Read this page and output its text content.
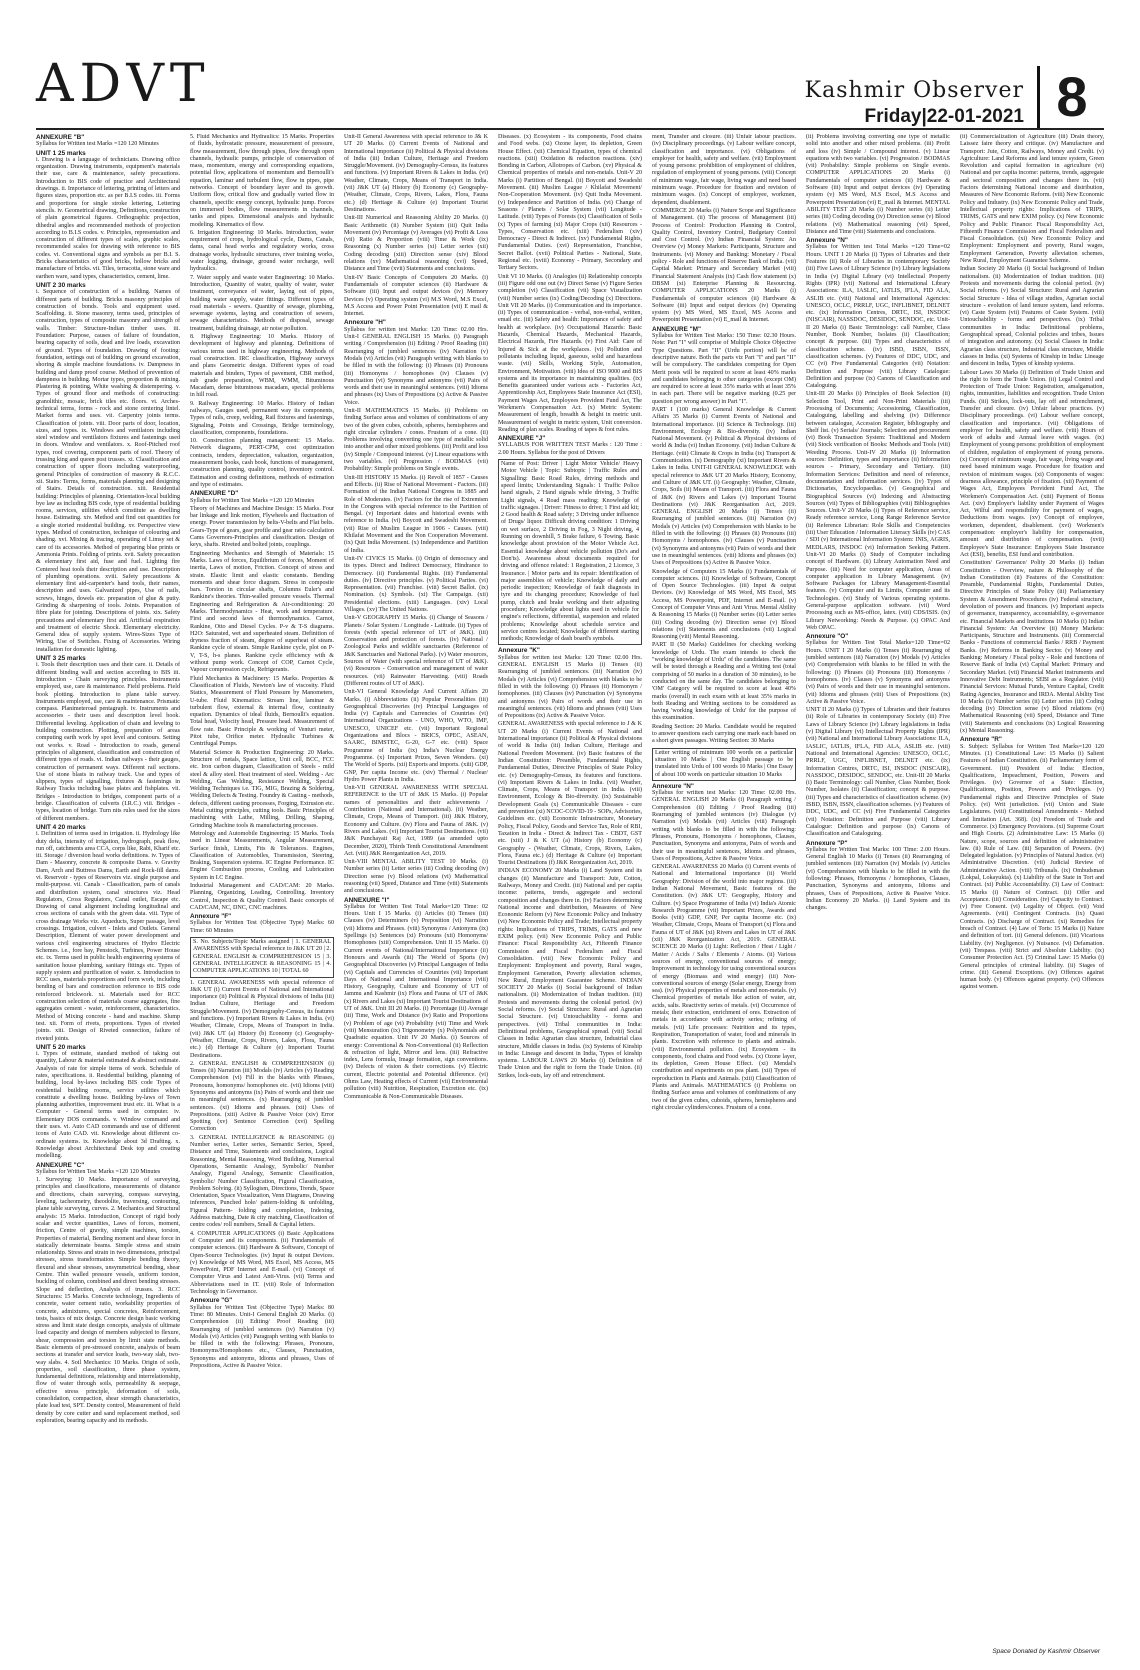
ADVT	Kashmir Observer
Friday|22-01-2021 8
ANNEXURE "B"

Syllabus for Written test Marks =120 120 Minutes

UNIT 1 25 marks

i. Drawing is a language of technicians. Drawing office organization. Drawing instruments, equipment's materials their use, care & maintenance, safety precautions. Introduction to BIS code of practice and Architectural drawings. ii. Importance of lettering, printing of letters and figures sizes, proportion etc. as per B.I.S codes. iii. Forms and proportions for single stroke lettering, Lettering stencils. iv. Geometrical drawing, Definitions, construction of plain geometrical figures. Orthographic projection, dihedral angles and recommended methods of projection according to B.I.S codes. v. Principles, representation and construction of different types of scales, graphic scales, recommended scales for drawing with reference to BIS codes. vi. Conventional signs and symbols as per B.I. S. Bricks characteristics of good bricks, hollow bricks and manufacture of bricks. vii. Tiles, terracotta, stone ware and earthen ware, sand types, characteristics, cement, lime.

UNIT 2 30 marks

i. Sequence of construction of a building. Names of different parts of building. Bricks masonry principles of construction of bonds. Tools and equipment used. Scaffolding. ii. Stone masonry, terms used, principles of construction, types of composite masonry and strength of walls. Timber: Structure-Indian timber uses. iii. Foundation: Purpose, causes of failure of foundation, bearing capacity of soils, dead and live loads, excavation of ground. Types of foundation. Drawing of footing: foundation, settings out of building on ground excavation, shoring & simple machine foundations. iv. Dampness in building and damp proof course. Method of prevention of dampness in building. Mortar types, proportion & mixing. Plastering & pointing, White washing & distempering. v. Types of ground floor and methods of constructing: granolithic, mosaic, brick tiles etc. floors. vi. Arches-technical terms, forms - rock and stone centering lintel. Market forms and uses. vii. Carpentry joints terms. Classification of joints. viii. Door parts of door, location, sizes, and types. ix. Windows and ventilators including steel window and ventilators fixtures and fastenings used in doors. Window and ventilators. x. Roof-Pitched roof types, roof covering, component parts of roof. Theory of trussing king and queen post trusses. xi. Classification and construction of upper floors including waterproofing, general Principles of construction of masonry & R.C.C. xii. Stairs: Terms, forms, materials planning and designing of Stairs. Details of construction. xiii. Residential building: Principles of planning. Orientation-local building bye law as including BIS code, type of residential building rooms, services, utilities which constitute as dwelling house. Estimating. xiv. Method and find out quantities for a single storied residential building. xv. Perspective view types. Method of construction, technique of colouring and shading. xvi. Mixing & tracing, operating of Limsy set & care of its accessories. Method of preparing blue prints or Ammonia Prints. Folding of prints. xvii. Safety precaution & elementary first aid, fuse and fuel. Lighting fire Centered heat tools their description and use. Description of plumbing operations. xviii. Safety precautions & elementary first aid-carpenter's hand tools, their names, description and uses. Galvanized pipes, Use of nails, screws, hinges, dowels etc. preparation of glue & putty. Grinding & sharpening of tools. Joints. Preparation of fibre plate for jointing. Descriptions of joints. xix. Safety precautions and elementary first aid. Artificial respiration and treatment of electric Shock. Elementary electricity. General idea of supply system. Wires-Sizes Type of Wiring, Use of Switches. Fixing of Accessories. Wiring installation for domestic lighting.

UNIT 3 25 marks

i. Tools their description uses and their care. ii. Details of different binding wall and section according to BIS iii. Introduction - Chain surveying principles. Instruments employed, use, care & maintenance. Field problems. Field book plotting. Introduction to plane table survey. Instruments employed, use, care & maintenance. Prismatic compass. Planimeteroad pentagraph. iv. Instruments and accessories - their uses and description level book. Differential leveling. Application of chain and leveling to building construction. Plotting, preparation of areas computing earth work by spot level and contours. Setting out works. v. Road - Introduction to roads, general principles of alignment, classification and construction of different types of roads. vi. Indian railways - their gauges, construction of permanent ways. Different rail sections. Use of stone blasts in railway track. Use and types of slippers, types of signalling, fixtures & fastenings in Railway Tracks including base plates and fishplates. vii. Bridges - Introduction to bridges, component parts of a bridge. Classification of culverts (I.R.C.) viii. Bridges - types, location of bridge. Turn nits rules used for the sizes of different members.

UNIT 4 20 marks

i. Definition of terms used in irrigation. ii. Hydrology like duty delta, intensity of irrigation, hydrograph, peak flow, run off, catchments area CCA, corps like, Rabi, Kharif etc. iii. Storage / diversion head works definitions. iv. Types of Dam - Masonry, concrete & composite Dams. v. Gravity Dam, Arch and Buttress Dams, Earth and Rock-fill dams. vi. Reservoir - types of Reservoirs viz. single purpose and multi-purpose. vii. Canals - Classification, parts of canals and distribution system, canal structures viz. Head Regulators, Cross Regulators, Canal outlet, Escape etc. Drawing of canal alignment including longitudinal and cross sections of canals with the given data. viii. Type of cross drainage Works viz. Aqueducts, Super passage, level crossings. Irrigation, culvert - Inlets and Outlets. General Description, Element of water power development and various civil engineering structures of Hydro Electric Schemes. i.e., fore bay, Penstock, Turbines, Power House etc. ix. Terms used in public health engineering systems of sanitation house plumbing, sanitary fittings etc. Types of supply system and purification of water. x. Introduction to RCC uses, materials proportions and form work, including bending of bars and construction reference to BIS code reinforced brickwork. xi. Materials used for RCC construction selection of materials coarse aggregates, fine aggregates cement - water, reinforcement, characteristics. Method of Mixing concrete - hand and machine. Slump test. xii. Form of rivets, proportions. Types of riveted joints. xiii. Design of Riveted connection, failure of riveted joints.

UNIT 5 20 marks

i. Types of estimate, standard method of taking out quantity, Labour & material estimated & abstract estimate. Analysis of rate for simple items of work. Schedule of rates, specifications. ii. Residential building, planning of building, local by-laws including BIS code Types of residential building rooms, service utilities which constitute a dwelling house. Building by-laws of Town planning authorities, improvement trust etc. iii. What is a Computer - General terms used in computer. iv. Elementary DOS commands. v. Window command and their uses. vi. Auto CAD commands and use of different icons of Auto CAD. vii. Knowledge about different co-ordinate systems. ix. Knowledge about 3d Drafting. x. Knowledge about Architectural Desk top and creating modelling.

ANNEXURE "C"

Syllabus for Written Test Marks =120 120 Minutes

1. Surveying: 10 Marks. Importance of surveying, principles and classifications, measurements of distance and directions, chain surveying, compass surveying, leveling, tacheometry, theodolite, traversing, contouring, plane table surveying, curves. 2. Mechanics and Structural analysis: 15 Marks. Introduction, Concept of rigid body scalar and vector quantities, Laws of forces, moment, friction, Centre of gravity, simple machines, torsion, Properties of material, Bending moment and shear force in statically determinate beams. Simple stress and strain relationship. Stress and strain in two dimensions, principal stresses, stress transformation. Simple bending theory, flexural and shear stresses, unsymmetrical bending, shear Centre. Thin walled pressure vessels, uniform torsion, buckling of column, combined and direct bending stresses. Slope and deflection, Analysis of trusses. 3. RCC Structures: 15 Marks. Concrete technology, Ingredients of concrete, water cement ratio, workability properties of concrete, admixtures, special concretes, Reinforcement, tests, basics of mix design. Concrete design basic working stress and limit state design concepts, analysis of ultimate load capacity and design of members subjected to flexure, shear, compression and torsion by limit state methods. Basic elements of pre-stressed concrete, analysis of beam sections at transfer and service loads, two-way slab, two-way slabs. 4. Soil Mechanics: 10 Marks. Origin of soils, properties, soil classification, three phase system, fundamental definitions, relationship and interrelationship, flow of water through soils, permeability & seepage, effective stress principle, deformation of soils, consolidation, compaction, shear strength characteristics, plate load test, SPT. Density control, Measurement of field density by core cutter and sand replacement method, soil exploration, bearing capacity and its methods.

5. Fluid Mechanics and Hydraulics: 15 Marks. Properties of fluids, hydrostatic pressure, measurement of pressure, flow measurement, flow through pipes, flow through open channels, hydraulic pumps, principle of conservation of mass, momentum, energy and corresponding equations, potential flow, applications of momentum and Bernoulli's equation, laminar and turbulent flow, flow in pipes, pipe networks. Concept of boundary layer and its growth. Uniform flow, critical flow and gradually varied flow in channels, specific energy concept, hydraulic jump. Forces on immersed bodies, flow measurements in channels, tanks and pipes. Dimensional analysis and hydraulic modeling. Kinematics of flow.

6. Irrigation Engineering: 10 Marks. Introduction, water requirement of crops, hydrological cycle, Dams, Canals, dams, canal head works and regulatory works, cross drainage works, hydraulic structures, river training works, water logging, drainage, ground water recharge, well hydraulics.

7. Water supply and waste water Engineering: 10 Marks. Introduction, Quantity of water, quality of water, water treatment, conveyance of water, laying out of pipes, building water supply, water fittings. Different types of road materials - sewers. Quantity of sewage, plumbing, sewerage systems, laying and construction of sewers, sewage characteristics. Methods of disposal, sewage treatment, building drainage, air noise pollution.

8. Highway Engineering: 10 Marks. History of development of highway and planning. Definitions of various terms used in highway engineering. Methods of road construction. IRC classification, Highway surveys and plans Geometric design. Different types of road materials and binders, Types of pavement, CBR method, sub grade preparation, WBM, WMM, Bituminous Macadam, dense bituminous macadam, special problems in hill road.

9. Railway Engineering: 10 Marks. History of Indian railways, Gauges used, permanent way its components, Types of rails, creep, welding, Rail fixtures and fastenings, Signaling, Points and Crossings, Bridge terminology, classification, components, foundations.

10. Construction planning management: 15 Marks. Network diagrams, PERT-CPM, cost optimization contracts, tenders, depreciation, valuation, organization, measurement books, cash book, functions of management, construction planning, quality control, inventory control. Estimation and costing definitions, methods of estimation and type of estimates.

ANNEXURE "D"

Syllabus for Written Test Marks =120 120 Minutes

Theory of Machines and Machine Design: 15 Marks. Four bar linkage and link motion, Flywheels and fluctuation of energy. Power transmission by belts-V-belts and Flat belts. Gears-Type of gears, gear profile and gear ratio calculation Cams Governors-Principles and classification. Design of keys, shafts. Riveted and bolted joints, couplings.

Engineering Mechanics and Strength of Materials: 15 Marks. Laws of forces, Equilibrium of forces, Moment of inertia, Laws of motion, Friction. Concept of stress and strain. Elastic limit and elastic constants. Bending moments and shear force diagram. Stress in composite bars. Torsion in circular shafts, Columns Euler's and Rankine's theories. Thin-walled pressure vessels. Thermal Engineering and Refrigeration & Air-conditioning: 20 Marks. Thermodynamics - Heat, work and temperature. First and second laws of thermodynamics. Carnot, Rankine, Otto and Diesel Cycles. P-v & T-S diagrams. H2O: Saturated, wet and superheated steam. Definition of dryness fraction of steam, degree of superheat of steam. Rankine cycle of steam. Simple Rankine cycle, plot on P-V, T-S, h-s planes. Rankine cycle efficiency with & without pump work. Concept of COP, Carnot Cycle, Vapour compression cycle, Refrigerants.

Fluid Mechanics & Machinery: 15 Marks. Properties & Classification of Fluids, Newton's law of viscosity. Fluid Statics, Measurement of Fluid Pressure by Manometers, U-tube. Fluid Kinematics: Stream line, laminar & turbulent flow, external & internal flow, continuity equation. Dynamics of ideal fluids, Bernoulli's equation. Total head, Velocity head, Pressure head. Measurement of flow rate. Basic Principle & working of Venturi meter, Pitot tube, Orifice meter. Hydraulic Turbines & Centrifugal Pumps.

Material Science & Production Engineering: 20 Marks. Structure of metals, Space lattice, Unit cell, BCC, FCC etc. Iron carbon diagram, Classification of Steels - mild steel & alloy steel. Heat treatment of steel. Welding - Arc Welding, Gas Welding, Resistance Welding, Special Welding Techniques i.e. TIG, MIG, Brazing & Soldering, Welding Defects & Testing. Foundry & Casting - methods, defects, different casting processes, Forging, Extrusion etc. Metal cutting principles, cutting tools. Basic Principles of machining with Lathe, Milling, Drilling, Shaping, Grinding Machine tools & manufacturing processes.

Metrology and Automobile Engineering: 15 Marks. Tools used in Linear Measurements, Angular Measurement, Surface finish, Limits, Fits & Tolerances. Engines, Classification of Automobiles, Transmission, Steering, Braking, Suspension systems. IC Engine Performance. IC Engine Combustion process, Cooling and Lubrication System in I.C Engine.

Industrial Management and CAD/CAM: 20 Marks. Planning, Organizing, Leading, Controlling. Inventory Control, Inspection & Quality Control. Basic concepts of CAD/CAM, NC, DNC, CNC machines.

Annexure "F"

Syllabus for Written Test (Objective Type) Marks: 60 Time: 60 Minutes

S. No. Subjects/Topic Marks assigned | 1. GENERAL AWARENESS with Special reference to J&K UT 20 | 2. GENERAL ENGLISH & COMPREHENSION 15 | 3. GENERAL INTELLIGENCE & REASONING 15 | 4. COMPUTER APPLICATIONS 10 | TOTAL 60

1. GENERAL AWARENESS with special reference of J&K UT (i) Current Events of National and International importance (ii) Political & Physical divisions of India (iii) Indian Culture, Heritage and Freedom Struggle/Movement. (iv) Demography-Census, its features and functions. (v) Important Rivers & Lakes in India. (vi) Weather, Climate, Crops, Means of Transport in India. (vii) J&K UT (a) History (b) Economy (c) Geography-(Weather, Climate, Crops, Rivers, Lakes, Flora, Fauna etc.) (d) Heritage & Culture (e) Important Tourist Destinations.

2. GENERAL ENGLISH & COMPREHENSION (i) Tenses (ii) Narration (iii) Modals (iv) Articles (v) Reading Comprehension (vi) Fill in the blanks with Phrases, Pronouns, homonyms/ homophones etc. (vii) Idioms (viii) Synonyms and antonyms (ix) Pairs of words and their use in meaningful sentences. (x) Rearranging of jumbled sentences. (xi) Idioms and phrases. (xii) Uses of Prepositions. (xiii) Active & Passive Voice (xiv) Error Spotting (xv) Sentence Correction (xvi) Spelling Correction

3. GENERAL INTELLIGENCE & REASONING (i) Number series, Letter series, Semantic Series, Speed, Distance and Time, Statements and conclusions, Logical Reasoning, Mental Reasoning, Word Building, Numerical Operations, Semantic Analogy, Symbolic/ Number Analogy, Figural Analogy, Semantic Classification, Symbolic/ Number Classification, Figural Classification, Problem Solving. (ii) Syllogism, Directions, Trends, Space Orientation, Space Visualization, Venn Diagrams, Drawing inferences, Punched hole/ pattern-folding & unfolding, Figural Pattern- folding and completion, Indexing, Address matching, Date & city matching, Classification of centre codes/ roll numbers, Small & Capital letters.

4. COMPUTER APPLICATIONS (i) Basic Applications of Computer and its components. (ii) Fundamentals of computer sciences. (iii) Hardware & Software, Concept of Open-Source Technologies. (iv) Input & output Devices. (v) Knowledge of MS Word, MS Excel, MS Access, MS PowerPoint, PDF Internet and E-mail. (vi) Concept of Computer Virus and Latest Anti-Virus. (vii) Terms and Abbreviations used in IT. (viii) Role of Information Technology in Governance.

Annexure "G"

Syllabus for Written Test (Objective Type) Marks: 80 Time: 80 Minutes. Unit-I General English 20 Marks. (i) Comprehension (ii) Editing/ Proof Reading (iii) Rearranging of jumbled sentences (iv) Narration (v) Modals (vi) Articles (vii) Paragraph writing with blanks to be filled in with the following: Phrases, Pronouns, Homonyms/Homophones etc., Clauses, Punctuation, Synonyms and antonyms, Idioms and phrases, Uses of Prepositions, Active & Passive Voice.

Unit-II General Awareness with special reference to J& K UT 20 Marks. (i) Current Events of National and International importance (ii) Political & Physical divisions of India (iii) Indian Culture, Heritage and Freedom Struggle/Movement. (iv) Demography-Census, its features and functions. (v) Important Rivers & Lakes in India. (vi) Weather, Climate, Crops, Means of Transport in India. (vii) J&K UT (a) History (b) Economy (c) Geography- (Weather, Climate, Crops, Rivers, Lakes, Flora, Fauna etc.) (d) Heritage & Culture (e) Important Tourist Destinations.

Unit-III Numerical and Reasoning Ability 20 Marks. (i) Basic Arithmetic (ii) Number System (iii) Quit India Movement (iv) Percentage (v) Averages (vi) Profit & Loss (vii) Ratio & Proportion (viii) Time & Work (ix) Reasoning (x) Number series (xi) Letter series (xii) Coding decoding (xiii) Direction sense (xiv) Blood relations (xv) Mathematical reasoning (xvi) Speed, Distance and Time (xvii) Statements and conclusions.

Unit-IV Basic Concepts of Computers 20 Marks. (i) Fundamentals of computer sciences (ii) Hardware & Software (iii) Input and output devices (iv) Memory Devices (v) Operating system (vi) M.S Word, M.S Excel, M.S Access and Power Point Presentation (vii) E mail & Internet.

Annexure "H"

Syllabus for written test Marks: 120 Time: 02.00 Hrs. Unit-I GENERAL ENGLISH 15 Marks. (i) Paragraph writing / Comprehension (ii) Editing / Proof Reading (iii) Rearranging of jumbled sentences (iv) Narration (v) Modals (vi) Articles (vii) Paragraph writing with blanks to be filled in with the following: (i) Phrases (ii) Pronouns (iii) Homonyms / homophones (iv) Clauses (v) Punctuation (vi) Synonyms and antonyms (vii) Pairs of words and their use in meaningful sentences. (viii) Idioms and phrases (ix) Uses of Prepositions (x) Active & Passive Voice.

Unit-II MATHEMATICS 15 Marks. (i) Problems on finding Surface areas and volumes of combinations of any two of the given cubes, cuboids, spheres, hemispheres and right circular cylinders / cones. Frustum of a cone. (ii) Problems involving converting one type of metallic solid into another and other mixed problems. (iii) Profit and loss (iv) Simple / Compound interest. (v) Linear equations with two variables. (vi) Progression / BODMAS (vii) Probability: Simple problems on Single events.

Unit-III HISTORY 15 Marks. (i) Revolt of 1857 - Causes and Effects. (ii) Rise of National Movement - Factors. (iii) Formation of the Indian National Congress in 1885 and Role of Moderates. (iv) Factors for the rise of Extremism in the Congress with special reference to the Partition of Bengal. (v) Important dates and historical events with reference to India. (vi) Boycott and Swadeshi Movement. (vii) Rise of Muslim League in 1906 - Causes. (viii) Khilafat Movement and the Non Cooperation Movement. (ix) Quit India Movement. (x) Independence and Partition of India.

Unit-IV CIVICS 15 Marks. (i) Origin of democracy and its types. Direct and Indirect Democracy, Hindrance to Democracy. (ii) Fundamental Rights. (iii) Fundamental duties. (iv) Directive principles. (v) Political Parties. (vi) Representation. (vii) Franchise. (viii) Secret Ballot. (ix) Nomination. (x) Symbols. (xi) The Campaign. (xii) Presidential elections. (xiii) Languages. (xiv) Local Villages. (xv) The United Nations.

Unit-V GEOGRAPHY 15 Marks. (i) Change of Seasons / Planets / Solar System / Longitude - Latitude. (ii) Types of forests (with special reference of UT of J&K). (iii) Conservation and protection of forests. (iv) National / Zoological Parks and wildlife sanctuaries (Reference of J&K Sanctuaries and National Parks). (v) Water resources, Sources of Water (with special reference of UT of J&K). (vi) Resources - Conservation and management of water resources. (vii) Rainwater Harvesting. (viii) Roads (Different routes of UT of J&K).

Unit-VI General Knowledge And Current Affairs 20 Marks. (i) Abbreviations (ii) Popular Personalities (iii) Geographical Discoveries (iv) Principal Languages of India (v) Capitals and Currencies of Countries (vi) International Organizations - UNO, WHO, WTO, IMF, UNESCO, UNICEF etc. (vii) Important Regional Organizations and Blocs - BRICS, OPEC, ASEAN, SAARC, BIMSTEC, G-20, G-7 etc. (viii) Space Programme of India (ix) India's Nuclear Energy Programme. (x) Important Prizes, Seven Wonders. (xi) The World of Sports. (xii) Exports and imports. (xiii) GDP, GNP, Per capita Income etc. (xiv) Thermal / Nuclear/ Hydro Power Plants in India.

Unit-VII GENERAL AWARENESS WITH SPECIAL REFERENCE to the UT of J&K 15 Marks. (i) Popular names of personalities and their achievements / Contribution (National and International). (ii) Weather, Climate, Crops, Means of Transport. (iii) J&K History, Economy and Culture. (iv) Flora and Fauna of J&K. (v) Rivers and Lakes. (vi) Important Tourist Destinations. (vii) J&K Panchayati Raj Act, 1989 (as amended upto December, 2020), Thirds Tenth Constitutional Amendment Act. (viii) J&K Reorganization Act, 2019.

Unit-VIII MENTAL ABILITY TEST 10 Marks. (i) Number series (ii) Letter series (iii) Coding decoding (iv) Direction sense (v) Blood relations (vi) Mathematical reasoning (vii) Speed, Distance and Time (viii) Statements and conclusions.

ANNEXURE "I"

Syllabus for Written Test Total Marks=120 Time: 02 Hours. Unit I 15 Marks. (i) Articles (ii) Tenses (iii) Clauses (iv) Determiners (v) Preposition (vi) Narration (vii) Idioms and Phrases. (viii) Synonyms / Antonyms (ix) Spellings (x) Sentences (xi) Pronouns (xii) Homonyms/ Homophones (xiii) Comprehension. Unit II 15 Marks. (i) Current events of National/International Importance (ii) Honours and Awards (iii) The World of Sports (iv) Geographical Discoveries (v) Principal Languages of India (vi) Capitals and Currencies of Countries (vii) Important Days of National and International Importance (viii) History, Geography, Culture and Economy of UT of Jammu and Kashmir (ix) Flora and Fauna of UT of J&K (x) Rivers and Lakes (xi) Important Tourist Destinations of UT of J&K. Unit III 20 Marks. (i) Percentage (ii) Average (iii) Time, Work and Distance (iv) Ratio and Proportions (v) Problem of age (vi) Probability (vii) Time and Work (viii) Mensuration (ix) Trigonometry (x) Polynomials and Quadratic equation. Unit IV 20 Marks. (i) Sources of energy: Conventional & Non-Conventional (ii) Reflection & refraction of light, Mirror and lens. (iii) Refractive index, Lens formula, Image formation, sign conventions. (iv) Defects of vision & their corrections. (v) Electric current, Electric potential and Potential difference. (vi) Ohms Law, Heating effects of Current (vii) Environmental pollution (viii) Nutrition, Respiration, Excretion etc. (ix) Communicable & Non-Communicable Diseases.

Diseases. (x) Ecosystem - its components, Food chains and Food webs. (xi) Ozone layer, its depletion, Green House Effect. (xii) Chemical Equation, types of chemical reactions. (xiii) Oxidation & reduction reactions. (xiv) Bonding in Carbon, Allotropes of Carbon. (xv) Physical & Chemical properties of metals and non-metals. Unit-V 20 Marks (i) Partition of Bengal. (ii) Boycott and Swadeshi Movement. (iii) Muslim League / Khilafat Movement/ Non-Cooperation Movement. (iv) Quit India Movement. (v) Independence and Partition of India. (vi) Change of Seasons / Planets / Solar System (vii) Longitude - Latitude. (viii) Types of Forests (ix) Classification of Soils (x) Types of farming (xi) Major Crops (xii) Resources - Types, Conservation etc. (xiii) Federalism (xiv) Democracy - Direct & Indirect. (xv) Fundamental Rights, Fundamental Duties. (xvi) Representation, Franchise, Secret Ballot. (xvii) Political Parties - National, State, Regional etc. (xviii) Economy - Primary, Secondary and Tertiary Sectors.

Unit VI 10 Marks. (i) Analogies (ii) Relationship concepts (iii) Figure odd one out (iv) Direct Sense (v) Figure Series completion (vi) Classification (vii) Space Visualization (viii) Number series (ix) Coding/Decoding (x) Directions. Unit VII 20 Marks. (i) Communication and its importance. (ii) Types of communication - verbal, non-verbal, written, email etc. (iii) Safety and health: Importance of safety and health at workplace. (iv) Occupational Hazards: Basic Hazards, Chemical Hazards, Mechanical Hazards, Electrical Hazards, Fire Hazards. (v) First Aid: Care of Injured & Sick at the workplaces. (vi) Pollution and pollutants including liquid, gaseous, solid and hazardous waste. (vii) Skills, Working Style, Automation, Environment, Motivation. (viii) Idea of ISO 9000 and BIS systems and its importance in maintaining qualities. (ix) Benefits guaranteed under various acts - Factories Act, Apprenticeship Act, Employees State Insurance Act (ESI), Payment Wages Act, Employees Provident Fund Act, The Workmen's Compensation Act. (x) Metric System: Measurement of length, breadth & height in metric unit. Measurement of weight in metric system, Unit conversion. Reading of plan scales. Reading of tapes & foot rules.

ANNEXURE "J"

SYLLABUS FOR WRITTEN TEST Marks : 120 Time : 2.00 Hours. Syllabus for the post of Drivers

Name of Post: Driver | Light Motor Vehicle/ Heavy Motor Vehicle | Topic: Subtopic | Traffic Rules and Signalling: Basic Road Rules, driving methods and speed limits; Understanding Signals: 1 Traffic Police hand signals, 2 Hand signals while driving, 3 Traffic Light signals, 4 Road mass reading; Knowledge of traffic signages. | Driver: Fitness to drive; 1 First aid kit; 2 Good health & Road safety; 3 Driving under influence of Drugs/ liquor. Difficult driving condition: 1 Driving on wet surface, 2 Driving in Fog, 3 Night driving, 4 Running on downhill, 5 Brake failure, 6 Towing. Basic knowledge about provision of the Motor Vehicle Act. Essential knowledge about vehicle pollution (Do's and Don'ts). Awareness about documents required for driving and offence related: 1 Registration, 2 Licence, 3 Insurance. | Motor parts and its repair: Identification of major assemblies of vehicle; Knowledge of daily and periodic inspection; Knowledge of fault diagnosis in tyre and its changing procedure; Knowledge of fuel pump, clutch and brake working and their adjusting procedure; Knowledge about lights used in vehicle for engine's reflections, differential, suspension and related problems; Knowledge about schedule service and service centres located; Knowledge of different starting methods; Knowledge of dash board's symbols.
Annexure "K"

Syllabus for written test Marks: 120 Time: 02.00 Hrs. GENERAL ENGLISH 15 Marks (i) Tenses (ii) Rearranging of jumbled sentences. (iii) Narration (iv) Modals (v) Articles (vi) Comprehension with blanks to be filled in with the following: (i) Phrases (ii) Homonym / homophones. (iii) Clauses (iv) Punctuation (v) Synonyms and antonyms (vi) Pairs of words and their use in meaningful sentences. (vii) Idioms and phrases (viii) Uses of Prepositions (ix) Active & Passive Voice.

GENERAL AWARENESS with special reference to J & K UT 20 Marks (i) Current Events of National and International importance (ii) Political & Physical divisions of world & India (iii) Indian Culture, Heritage and National Freedom Movement. (iv) Basic features of the Indian Constitution: Preamble, Fundamental Rights, Fundamental Duties, Directive Principles of State Policy etc. (v) Demography-Census, its features and functions. (vi) Important Rivers & Lakes in India. (vii) Weather, Climate, Crops, Means of Transport in India. (viii) Environment, Ecology & Bio-diversity. (ix) Sustainable Development Goals (x) Communicable Diseases - cure and prevention (xi) NCOC-COVID-19 - SOPs, Advisories, Guidelines etc. (xii) Economic Infrastructure, Monetary Policy, Fiscal Policy, Goods and Service Tax, Role of RBI, Taxation in India - Direct & Indirect Tax - CBDT, GST etc. (xiii) J & K UT (a) History (b) Economy (c) Geography - (Weather, Climate, Crops, Rivers, Lakes, Flora, Fauna etc.) (d) Heritage & Culture (e) Important Tourist Destinations (f) J&K Reorganization Act, 2019.

INDIAN ECONOMY 20 Marks (i) Land System and its changes (ii) Manufacture and Transport: Jute, Cotton, Railways, Money and Credit. (iii) National and per capita income: patterns, trends, aggregate and sectoral composition and changes there in. (iv) Factors determining National income and distribution, Measures of New Economic Reform (v) New Economic Policy and Industry (vi) New Economic Policy and Trade; Intellectual property rights: Implications of TRIPS, TRIMS, GATS and new EXIM policy. (vii) New Economic Policy and Public Finance: Fiscal Responsibility Act, Fifteenth Finance Commission and Fiscal Federalism and Fiscal Consolidation. (viii) New Economic Policy and Employment: Employment and poverty, Rural wages, Employment Generation, Poverty alleviation schemes, New Rural, Employment Guarantee Scheme. INDIAN SOCIETY 20 Marks (i) Social background of Indian nationalism. (ii) Modernization of Indian tradition. (iii) Protests and movements during the colonial period. (iv) Social reforms. (v) Social Structure: Rural and Agrarian Social Structure. (vi) Untouchability - forms and perspectives. (vii) Tribal communities in India: Definitional problems, Geographical spread. (viii) Social Classes in India: Agrarian class structure, Industrial class structure, Middle classes in India. (ix) Systems of Kinship in India: Lineage and descent in India, Types of kinship systems. LABOUR LAWS 20 Marks (i) Definition of Trade Union and the right to form the Trade Union. (ii) Strikes, lock-outs, lay off and retrenchment.

ment, Transfer and closure. (iii) Unfair labour practices. (iv) Disciplinary proceedings. (v) Labour welfare concept, classification and importance. (vi) Obligations of employer for health, safety and welfare. (vii) Employment of young persons: prohibition of employment of children, regulation of employment of young persons. (viii) Concept of minimum wage, fair wage, living wage and need based minimum wage. Procedure for fixation and revision of minimum wages. (ix) Concept of employee, workmen, dependent, disablement.

COMMERCE 20 Marks (i) Nature Scope and Significance of Management. (ii) The process of Management (iii) Process of Control: Production Planning & Control, Quality Control, Inventory Control, Budgetary Control and Cost Control. (iv) Indian Financial System: An Overview (v) Money Markets: Participants, Structure and Instruments. (vi) Money and Banking: Monetary / Fiscal policy - Role and functions of Reserve Bank of India. (vii) Capital Market: Primary and Secondary Market (viii) Financial Statement Analysis (ix) Cash flow statement (x) DBSM (xi) Enterprise Planning & Resourcing. COMPUTER APPLICATIONS 20 Marks (i) Fundamentals of computer sciences (ii) Hardware & Software (iii) Input and output devices (iv) Operating system (v) MS Word, MS Excel, MS Access and Powerpoint Presentation (vi) E_mail & Internet.

ANNEXURE "M"

Syllabus for Written Test Marks: 150 Time: 02.30 Hours. Note: Part "I" will comprise of Multiple Choice Objective Type Questions. Part "II" (Urdu portion) will be of descriptive nature. Both the parts viz Part "I" and part "II" will be compulsory. The candidates competing for Open Merit posts will be required to score at least 40% marks and candidates belonging to other categories (except OM) are required to score at least 35% marks with at least 35% in each part. There will be negative marking (0.25 per question per wrong answer) in Part "I".

PART I (100 marks) General Knowledge & Current Affairs 35 Marks (i) Current Events of National and International importance. (ii) Science & Technology. (iii) Environment, Ecology & Bio-diversity. (iv) Indian National Movement. (v) Political & Physical divisions of world & India (vi) Indian Economy. (vii) Indian Culture & Heritage. (viii) Climate & Crops in India (ix) Transport & Communication. (x) Demography (xi) Important Rivers & Lakes in India. UNIT-II GENERAL KNOWLEDGE with special reference to J&K UT 20 Marks History, Economy, and Culture of J&K UT. (i) Geography: Weather, Climate, Crops, Soils (ii) Means of Transport. (iii) Flora and Fauna of J&K (iv) Rivers and Lakes (v) Important Tourist Destinations (vi) J&K Reorganisation Act, 2019. GENERAL ENGLISH 20 Marks (i) Tenses (ii) Rearranging of jumbled sentences. (iii) Narration (iv) Modals (v) Articles (vi) Comprehension with blanks to be filled in with the following: (i) Phrases (ii) Pronouns (iii) Homonyms / homophones. (iv) Clauses (v) Punctuation (vi) Synonyms and antonyms (vii) Pairs of words and their use in meaningful sentences. (viii) Idioms and phrases (ix) Uses of Prepositions (x) Active & Passive Voice.

Knowledge of Computers 15 Marks (i) Fundamentals of computer sciences. (ii) Knowledge of Software, Concept of Open Source Technologies. (iii) Input & output Devices. (iv) Knowledge of MS Word, MS Excel, MS Access, MS Powerpoint, PDF, Internet and E-mail. (v) Concept of Computer Virus and Anti Virus. Mental Ability & Reasoning 15 Marks (i) Number series (ii) Letter series (iii) Coding decoding (iv) Direction sense (v) Blood relations (vi) Statements and conclusions (vii) Logical Reasoning (viii) Mental Reasoning.

PART II (50 Marks) Guidelines for checking working knowledge of Urdu. The exam intends to check the "working knowledge of Urdu" of the candidates. The same will be tested through a Reading and a Writing test (total comprising of 50 marks in a duration of 30 minutes), to be conducted on the same day. The candidates belonging to 'OM' Category will be required to score at least 40% marks (overall) in each exam with at least 35% marks in both Reading and Writing sections to be considered as having 'working knowledge of Urdu' for the purpose of this examination.

Reading Section: 20 Marks. Candidate would be required to answer questions each carrying one mark each based on a short given passages. Writing Section: 30 Marks

Letter writing of minimum 100 words on a particular situation 10 Marks | One English passage to be translated into Urdu of 100 words 10 Marks | One Essay of about 100 words on particular situation 10 Marks
Annexure "N"

Syllabus for written test Marks: 120 Time: 02.00 Hrs. GENERAL ENGLISH 20 Marks (i) Paragraph writing / Comprehension (ii) Editing / Proof Reading (iii) Rearranging of jumbled sentences (iv) Dialogue (v) Narration (vi) Modals (vii) Articles (viii) Paragraph writing with blanks to be filled in with the following: Phrases, Pronouns, Homonyms / homophones, Clauses, Punctuation, Synonyms and antonyms, Pairs of words and their use in meaningful sentences, Idioms and phrases, Uses of Prepositions, Active & Passive Voice.

GENERAL AWARENESS 20 Marks (i) Current events of National and International importance (ii) World Geography: Division of the world into major regions. (iii) Indian National Movement, Basic features of the Constitution. (iv) J&K UT: Geography, History and Culture. (v) Space Programme of India (vi) India's Atomic Research Programme (vii) Important Prizes, Awards and Books (viii) GDP, GNP, Per capita Income etc. (ix) Weather, Climate, Crops, Means of Transport (x) Flora and Fauna of UT of J&K (xi) Rivers and Lakes in UT of J&K (xii) J&K Reorganization Act, 2019. GENERAL SCIENCE 20 Marks (i) Light: Reflection / Heat / Light / Matter / Acids / Salts / Elements / Atoms. (ii) Various sources of energy, conventional sources of energy; Improvement in technology for using conventional sources of energy (Biomass and wind energy) (iii) Non-conventional sources of energy (Solar energy, Energy from sea). (iv) Physical properties of metals and non-metals. (v) Chemical properties of metals like action of water, air, acids, salts. Reactivity series of metals. (vi) Occurrence of metals; their extraction, enrichment of ores. Extraction of metals in accordance with activity series; refining of metals. (vii) Life processes: Nutrition and its types, Respiration, Transportation of water, food and minerals in plants. Excretion with reference to plants and animals. (viii) Environmental pollution. (ix) Ecosystem - its components, food chains and Food webs. (x) Ozone layer, its depletion, Green House Effect. (xi) Mendal's contribution and experiments on pea plant. (xii) Types of reproduction in Plants and Animals. (xiii) Classification of Plants and Animals. MATHEMATICS (i) Problems on finding Surface areas and volumes of combinations of any two of the given cubes, cuboids, spheres, hemispheres and right circular cylinders/cones. Frustum of a cone.

(ii) Problems involving converting one type of metallic solid into another and other mixed problems. (iii) Profit and loss (iv) Simple / Compound interest. (v) Linear equations with two variables. (vi) Progression / BODMAS (vii) Probability: Simple problems on Single events. COMPUTER APPLICATIONS 20 Marks (i) Fundamentals of computer sciences (ii) Hardware & Software (iii) Input and output devices (iv) Operating system (v) MS Word, M.S Excel, M.S Access and Powerpoint Presentation (vi) E_mail & Internet. MENTAL ABILITY TEST 20 Marks (i) Number series (ii) Letter series (iii) Coding decoding (iv) Direction sense (v) Blood relations (vi) Mathematical reasoning (vii) Speed, Distance and Time (viii) Statements and conclusions.

Annexure "N"

Syllabus for Written test Total Marks =120 Time=02 Hours. UNIT I 20 Marks (i) Types of Libraries and their Features (ii) Role of Libraries in contemporary Society (iii) Five Laws of Library Science (iv) Library legislations in India (v) Digital Library (vi) Intellectual Property Rights (IPR) (vii) National and International Library Associations: ILA, IASLIC, IATLIS, IFLA, FID ALA, ASLIB etc. (viii) National and International Agencies: UNESCO, OCLC, PRRLF, UGC, INFLIBNET, DELNET etc. (ix) Information Centres, DRTC, ISI, INSDOC (NISCAIR), NASSDOC, DESIDOC, SENDOC, etc. Unit-II 20 Marks (i) Basic Terminology: call Number, Class Number, Book Number, Isolates (ii) Classification; concept & purpose. (iii) Types and characteristics of classification scheme. (iv) ISBD, ISBN, ISSN, classification schemes. (v) Features of DDC, UDC, and CC (vi) Five Fundamental Categories (vii) Notation: Definition and Purpose (viii) Library Catalogue: Definition and purpose (ix) Canons of Classification and Cataloguing.

Unit-III 20 Marks (i) Principles of Book Selection (ii) Selection Tool, Print and Non-Print Materials (iii) Processing of Documents; Accessioning, Classification, Cataloguing, labelling and shelving (iv) Difference between catalogue, Accession Register, bibliography and Shelf list. (v) Serials/ Journals; Selection and procurement (vi) Book Transaction System: Traditional and Modern (vii) Stock verification of Books: Methods and Tools (viii) Weeding Process. Unit-IV 20 Marks (i) Information sources: Definition, types and importance (ii) Information sources - Primary, Secondary and Tertiary. (iii) Information Services: Definition and need of reference, documentation and information services. (iv) Types of Dictionaries, Encyclopaedias. (v) Geographical and Biographical Sources (vi) Indexing and Abstracting Sources (vii) Types of Bibliographies (viii) Bibliographies Sources. Unit-V 20 Marks (i) Types of Reference service, Ready reference service, Long Range Reference Service (ii) Reference Librarian: Role Skills and Competencies (iii) User Education / Information Literacy Skills (iv) CAS / SDI (v) International Information System: INIS, AGRIS, MEDLARS, INSDOC (vi) Information Seeking Pattern. Unit-VI 20 Marks (i) Study of Computer including concept of Hardware. (ii) Library Automation Need and Purpose. (iii) Need for computer application, Areas of computer application in Library Management. (iv) Software Packages for Library Management-Essential features. (v) Computer and its Limits, Computer and its Technologies. (vi) Study of Various operating systems. General-purpose application software. (vii) Word Processing such as MS-office, latex. (viii) CDS/ISIS. (ix) Library Networking: Needs & Purpose. (x) OPAC And Web OPAC.

Annexure "O"

Syllabus for Written Test Total Marks=120 Time=02 Hours. UNIT I 20 Marks (i) Tenses (ii) Rearranging of jumbled sentences (iii) Narration (iv) Modals (v) Articles (vi) Comprehension with blanks to be filled in with the following: (i) Phrases (ii) Pronouns (iii) Homonyms / homophones. (iv) Clauses (v) Synonyms and antonyms (vi) Pairs of words and their use in meaningful sentences. (vii) Idioms and phrases (viii) Uses of Prepositions (ix) Active & Passive Voice.

UNIT II 20 Marks (i) Types of Libraries and their features (ii) Role of Libraries in contemporary Society (iii) Five Laws of Library Science (iv) Library legislations in India (v) Digital Library (vi) Intellectual Property Rights (IPR) (vii) National and International Library Associations: ILA, IASLIC, IATLIS, IFLA, FID ALA, ASLIB etc. (viii) National and International Agencies: UNESCO, OCLC, PRRLF, UGC, INFLIBNET, DELNET etc. (ix) Information Centres, DRTC, ISI, INSDOC (NISCAIR), NASSDOC, DESIDOC, SENDOC, etc. Unit-III 20 Marks (i) Basic Terminology: call Number, Class Number, Book Number, Isolates (ii) Classification; concept & purpose. (iii) Types and characteristics of classification scheme. (iv) ISBD, ISBN, ISSN, classification schemes. (v) Features of DDC, UDC, and CC (vi) Five Fundamental Categories (vii) Notation: Definition and Purpose (viii) Library Catalogue: Definition and purpose (ix) Canons of Classification and Cataloguing.

Annexure "P"

Syllabus for Written Test Marks: 100 Time: 2.00 Hours. General English 10 Marks (i) Tenses (ii) Rearranging of jumbled sentences (iii) Narration (iv) Modals (v) Articles (vi) Comprehension with blanks to be filled in with the following: Phrases, Homonyms / homophones, Clauses, Punctuation, Synonyms and antonyms, Idioms and phrases, Uses of Prepositions, Active & Passive Voice. Indian Economy 20 Marks. (i) Land System and its changes.

(ii) Commercialization of Agriculture (iii) Drain theory, Laissez faire theory and critique. (iv) Manufacture and Transport: Jute, Cotton, Railways, Money and Credit. (v) Agriculture: Land Reforms and land tenure system, Green Revolution and capital formation in agriculture (vi) National and per capita income: patterns, trends, aggregate and sectoral composition and changes there in. (vii) Factors determining National income and distribution, Measures of New Economic Reform. (viii) New Economic Policy and Industry. (ix) New Economic Policy and Trade, Intellectual property rights: Implications of TRIPS, TRIMS, GATS and new EXIM policy. (x) New Economic Policy and Public Finance: Fiscal Responsibility Act, Fifteenth Finance Commission and Fiscal Federalism and Fiscal Consolidation. (xi) New Economic Policy and Employment: Employment and poverty, Rural wages, Employment Generation, Poverty alleviation schemes, New Rural, Employment Guarantee Scheme.

Indian Society 20 Marks (i) Social background of Indian nationalism. (ii) Modernization of Indian tradition. (iii) Protests and movements during the colonial period. (iv) Social reforms. (v) Social Structure: Rural and Agrarian Social Structure - Idea of village studies, Agrarian social structure - evolution of land tenure system, land reforms. (vi) Caste System (vii) Features of Caste System. (viii) Untouchability - forms and perspectives. (ix) Tribal communities in India: Definitional problems, Geographical spread, Colonial policies and tribes, Issues of integration and autonomy. (x) Social Classes in India: Agrarian class structure, Industrial class structure, Middle classes in India. (xi) Systems of Kinship in India: Lineage and descent in India, Types of kinship systems.

Labour Laws 30 Marks (i) Definition of Trade Union and the right to form the Trade Union. (ii) Legal Control and Protection of Trade Union: Registration, amalgamation, rights, immunities, liabilities and recognition. Trade Union Funds. (iii) Strikes, lock-outs, lay off and retrenchment, Transfer and closure. (iv) Unfair labour practices. (v) Disciplinary proceedings. (vi) Labour welfare concept, classification and importance. (vii) Obligations of employer for health, safety and welfare. (viii) Hours of work of adults and Annual leave with wages. (ix) Employment of young persons: prohibition of employment of children, regulation of employment of young persons. (x) Concept of minimum wage, fair wage, living wage and need based minimum wage. Procedure for fixation and revision of minimum wages. (xi) Components of wages: dearness allowance, principle of fixation. (xii) Payment of Wages Act, Employees Provident Fund Act, The Workmen's Compensation Act. (xiii) Payment of Bonus Act. (xiv) Employer's liability under Payment of Wages Act, Wilful and responsibility for payment of wages, Deductions from wages. (xv) Concept of employee, workmen, dependent, disablement. (xvi) Workmen's compensation: employer's liability for compensation, amount and distribution of compensation. (xvii) Employee's State Insurance: Employees State Insurance Act (ESI), benefits, ESI fund and contribution.

Constitution/ Governance/ Polity 20 Marks (i) Indian Constitution - Overview, nature & Philosophy of the Indian Constitution (ii) Features of the Constitution: Preamble, Fundamental Rights, Fundamental Duties, Directive Principles of State Policy (iii) Parliamentary System & Amendment Procedures (iv) Federal structure, devolution of powers and finances. (v) Important aspects of governance, transparency, accountability, e-governance etc. Financial Markets and Institutions 10 Marks (i) Indian Financial System: An Overview (ii) Money Markets: Participants, Structure and Instruments. (iii) Commercial Banks - Functions of commercial Banks / RRB / Payment Banks. (iv) Reforms in Banking Sector. (v) Money and Banking: Monetary / Fiscal policy - Role and functions of Reserve Bank of India (vi) Capital Market: Primary and Secondary Market. (vii) Financial Market instruments and Innovative Debt Instruments; SEBI as a Regulator. (viii) Financial Services: Mutual Funds, Venture Capital, Credit Rating Agencies, Insurance and IRDA. Mental Ability Test 10 Marks (i) Number series (ii) Letter series (iii) Coding decoding (iv) Direction sense (v) Blood relations (vi) Mathematical Reasoning (vii) Speed, Distance and Time (viii) Statements and conclusions (ix) Logical Reasoning (x) Mental Reasoning.

Annexure "R"

S. Subject: Syllabus for Written Test Marks=120 120 Minutes. (1) Constitutional Law: 15 Marks (i) Salient Features of Indian Constitution. (ii) Parliamentary form of Government. (iii) President of India: Election, Qualifications, Impeachment, Position, Powers and Privileges. (iv) Governor of a State: Election, Qualifications, Position, Powers and Privileges. (v) Fundamental rights and Directive Principles of State Policy. (vi) Writ jurisdiction. (vii) Union and State Legislatures. (viii) Constitutional Amendments - Method and limitation (Art. 368). (ix) Freedom of Trade and Commerce. (x) Emergency Provisions. (xi) Supreme Court and High Courts. (2) Administrative Law: 15 Marks (i) Nature, scope, sources and definition of administrative law. (ii) Rule of Law. (iii) Separation of Powers. (iv) Delegated legislation. (v) Principles of Natural Justice. (vi) Administrative Discretion. (vii) Judicial Review of Administrative Action. (viii) Tribunals. (ix) Ombudsman (Lokpal, Lokayukta). (x) Liability of the State in Tort and Contract. (xi) Public Accountability. (3) Law of Contract: 15 Marks (i) Nature of Contract. (ii) Offer and Acceptance. (iii) Consideration. (iv) Capacity to Contract. (v) Free Consent. (vi) Legality of Object. (vii) Void Agreements. (viii) Contingent Contracts. (ix) Quasi Contracts. (x) Discharge of Contract. (xi) Remedies for breach of Contract. (4) Law of Torts: 15 Marks (i) Nature and definition of tort. (ii) General defences. (iii) Vicarious Liability. (iv) Negligence. (v) Nuisance. (vi) Defamation. (vii) Trespass. (viii) Strict and Absolute Liability. (ix) Consumer Protection Act. (5) Criminal Law: 15 Marks (i) General principles of criminal liability. (ii) Stages of crime. (iii) General Exceptions. (iv) Offences against human body. (v) Offences against property. (vi) Offences against women.

Space Donated by Kashmir Observer
